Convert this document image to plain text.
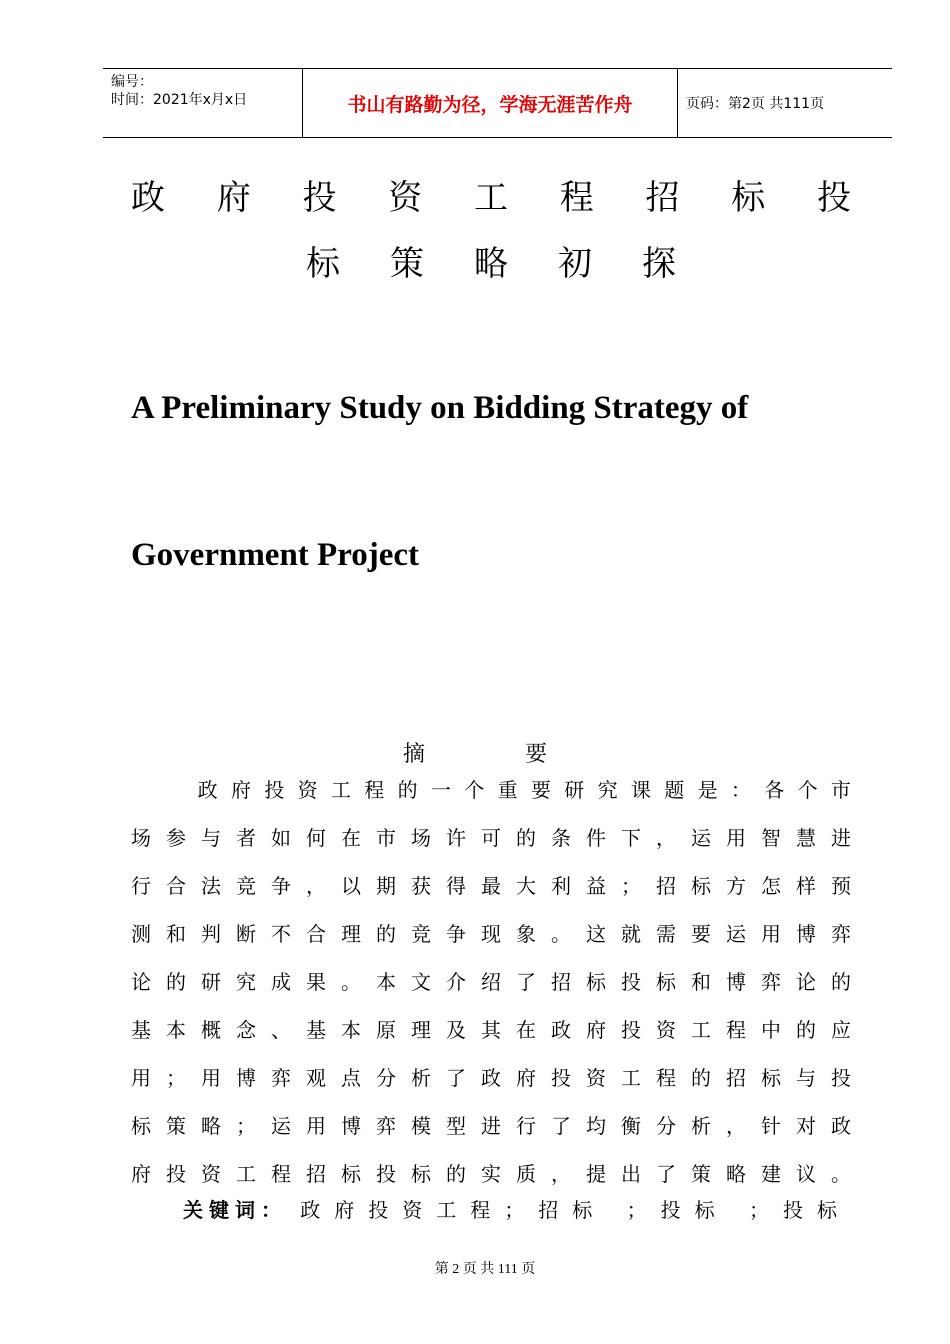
编号：
时间：2021年x月x日	书山有路勤为径，学海无涯苦作舟	页码：第2页 共111页
政 府 投 资 工 程 招 标 投
标 策 略 初 探
A Preliminary Study on Bidding Strategy of
Government Project
摘要

政 府 投 资 工 程 的 一 个 重 要 研 究 课 题 是 ： 各 个 市
场 参 与 者 如 何 在 市 场 许 可 的 条 件 下 ， 运 用 智 慧 进
行 合 法 竞 争 ， 以 期 获 得 最 大 利 益 ； 招 标 方 怎 样 预
测 和 判 断 不 合 理 的 竞 争 现 象 。 这 就 需 要 运 用 博 弈
论 的 研 究 成 果 。 本 文 介 绍 了 招 标 投 标 和 博 弈 论 的
基 本 概 念 、 基 本 原 理 及 其 在 政 府 投 资 工 程 中 的 应
用 ； 用 博 弈 观 点 分 析 了 政 府 投 资 工 程 的 招 标 与 投
标 策 略 ； 运 用 博 弈 模 型 进 行 了 均 衡 分 析 ， 针 对 政
府 投 资 工 程 招 标 投 标 的 实 质 ， 提 出 了 策 略 建 议 。
关键词： 政府投资工程；招标 ；投标 ；投标
第 2 页 共 111 页
